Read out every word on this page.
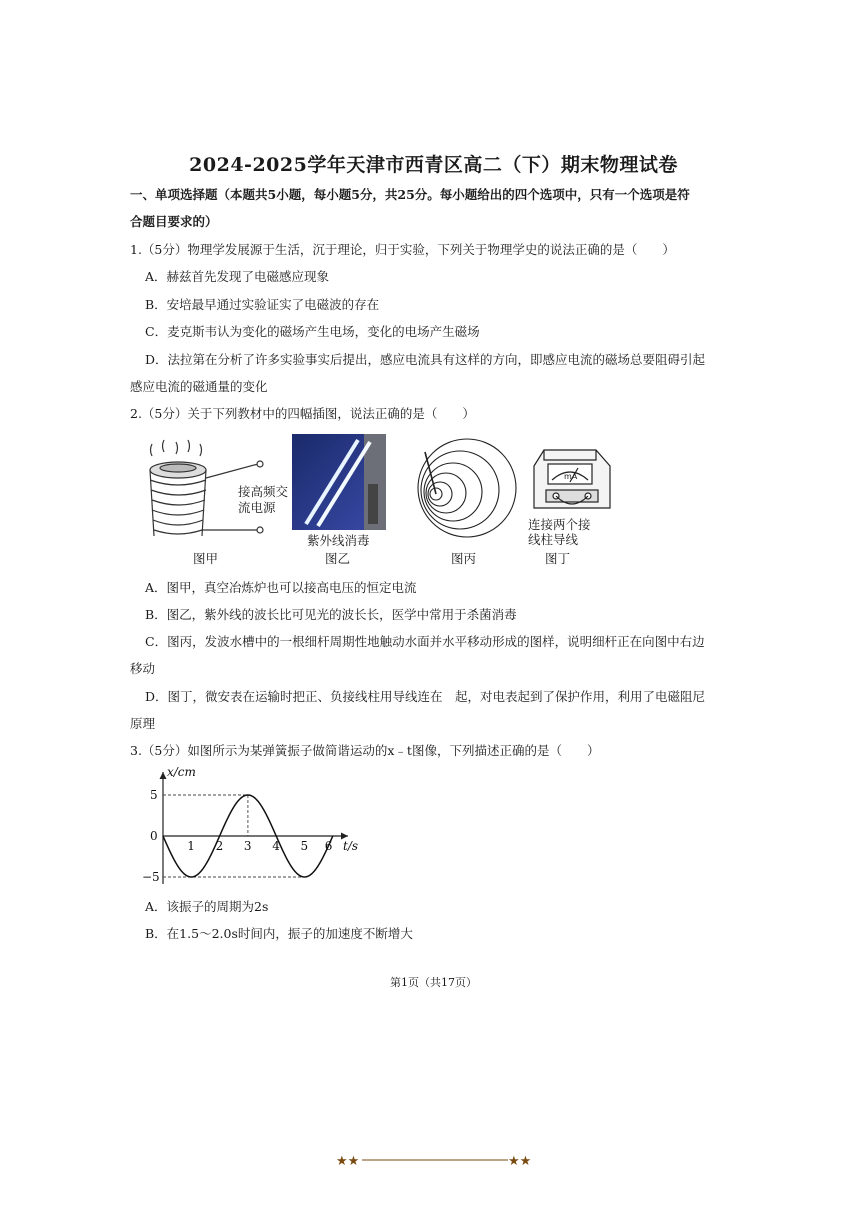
2024-2025学年天津市西青区高二（下）期末物理试卷
一、单项选择题（本题共5小题，每小题5分，共25分。每小题给出的四个选项中，只有一个选项是符
合题目要求的）
1.（5分）物理学发展源于生活，沉于理论，归于实验，下列关于物理学史的说法正确的是（　　）
A．赫兹首先发现了电磁感应现象
B．安培最早通过实验证实了电磁波的存在
C．麦克斯韦认为变化的磁场产生电场，变化的电场产生磁场
D．法拉第在分析了许多实验事实后提出，感应电流具有这样的方向，即感应电流的磁场总要阻碍引起
感应电流的磁通量的变化
2.（5分）关于下列教材中的四幅插图，说法正确的是（　　）
接高频交
流电源
紫外线消毒
mA
连接两个接
线柱导线
图甲	图乙	图丙	图丁
A．图甲，真空冶炼炉也可以接高电压的恒定电流
B．图乙，紫外线的波长比可见光的波长长，医学中常用于杀菌消毒
C．图丙，发波水槽中的一根细杆周期性地触动水面并水平移动形成的图样，说明细杆正在向图中右边
移动
D．图丁，微安表在运输时把正、负接线柱用导线连在　起，对电表起到了保护作用，利用了电磁阻尼
原理
3.（5分）如图所示为某弹簧振子做简谐运动的x﹣t图像，下列描述正确的是（　　）
1 2 3 4 5 6
5
0
−5
x/cm
t/s
A．该振子的周期为2s
B．在1.5～2.0s时间内，振子的加速度不断增大
第1页（共17页）
★★	★★
